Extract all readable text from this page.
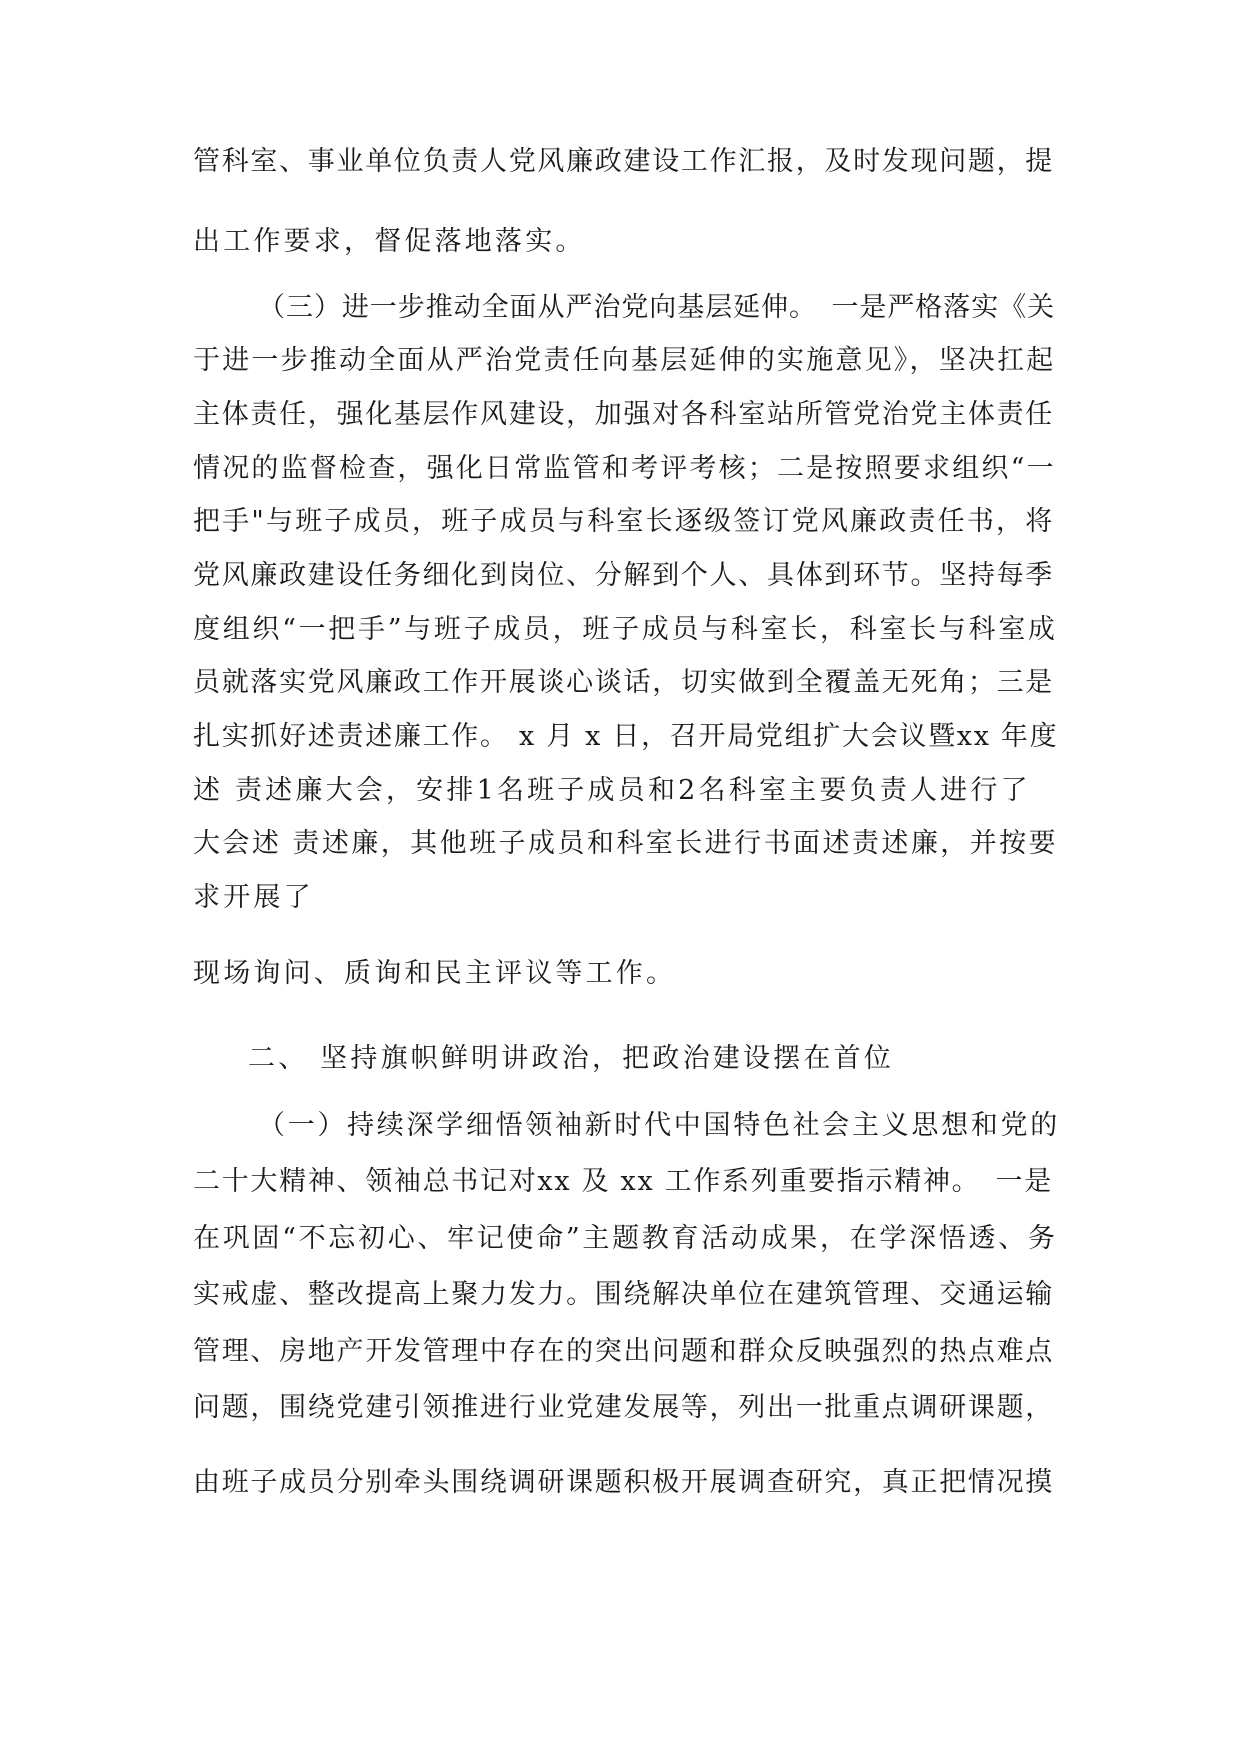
管科室、事业单位负责人党风廉政建设工作汇报，及时发现问题，提

出工作要求，督促落地落实。

（三）进一步推动全面从严治党向基层延伸。　一是严格落实《关

于进一步推动全面从严治党责任向基层延伸的实施意见》，坚决扛起

主体责任，强化基层作风建设，加强对各科室站所管党治党主体责任

情况的监督检查，强化日常监管和考评考核；二是按照要求组织“一

把手"与班子成员，班子成员与科室长逐级签订党风廉政责任书，将

党风廉政建设任务细化到岗位、分解到个人、具体到环节。坚持每季

度组织“一把手”与班子成员，班子成员与科室长，科室长与科室成

员就落实党风廉政工作开展谈心谈话，切实做到全覆盖无死角；三是

扎实抓好述责述廉工作。 x 月 x 日，召开局党组扩大会议暨xx 年度

述 责述廉大会，安排1名班子成员和2名科室主要负责人进行了

大会述 责述廉，其他班子成员和科室长进行书面述责述廉，并按要

求开展了

现场询问、质询和民主评议等工作。

二、 坚持旗帜鲜明讲政治，把政治建设摆在首位

（一）持续深学细悟领袖新时代中国特色社会主义思想和党的

二十大精神、领袖总书记对xx 及 xx 工作系列重要指示精神。　一是

在巩固“不忘初心、牢记使命”主题教育活动成果，在学深悟透、务

实戒虚、整改提高上聚力发力。围绕解决单位在建筑管理、交通运输

管理、房地产开发管理中存在的突出问题和群众反映强烈的热点难点

问题，围绕党建引领推进行业党建发展等，列出一批重点调研课题，

由班子成员分别牵头围绕调研课题积极开展调查研究，真正把情况摸
